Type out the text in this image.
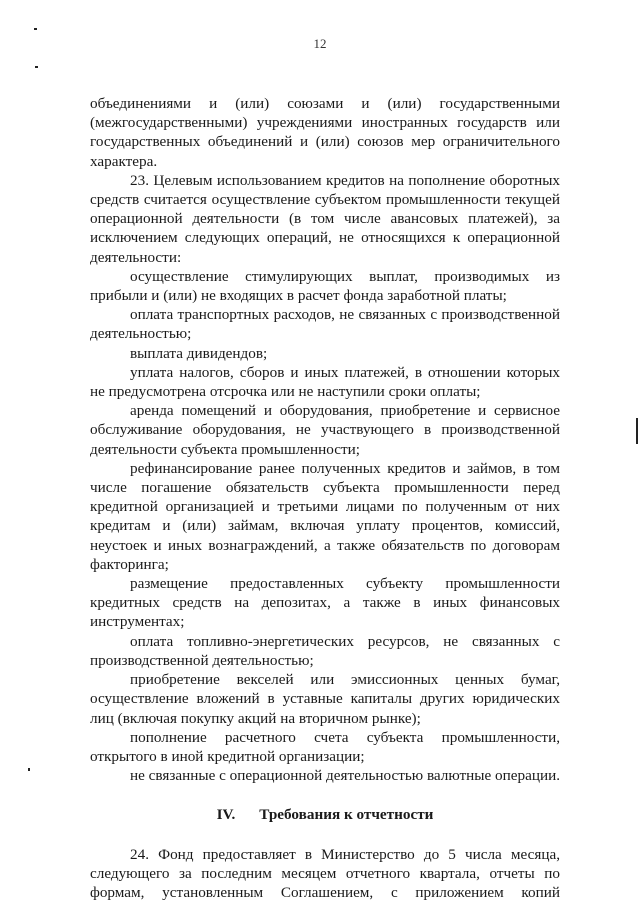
12

объединениями и (или) союзами и (или) государственными (межгосударственными) учреждениями иностранных государств или государственных объединений и (или) союзов мер ограничительного характера.

23. Целевым использованием кредитов на пополнение оборотных средств считается осуществление субъектом промышленности текущей операционной деятельности (в том числе авансовых платежей), за исключением следующих операций, не относящихся к операционной деятельности:

осуществление стимулирующих выплат, производимых из прибыли и (или) не входящих в расчет фонда заработной платы;

оплата транспортных расходов, не связанных с производственной деятельностью;

выплата дивидендов;

уплата налогов, сборов и иных платежей, в отношении которых не предусмотрена отсрочка или не наступили сроки оплаты;

аренда помещений и оборудования, приобретение и сервисное обслуживание оборудования, не участвующего в производственной деятельности субъекта промышленности;

рефинансирование ранее полученных кредитов и займов, в том числе погашение обязательств субъекта промышленности перед кредитной организацией и третьими лицами по полученным от них кредитам и (или) займам, включая уплату процентов, комиссий, неустоек и иных вознаграждений, а также обязательств по договорам факторинга;

размещение предоставленных субъекту промышленности кредитных средств на депозитах, а также в иных финансовых инструментах;

оплата топливно-энергетических ресурсов, не связанных с производственной деятельностью;

приобретение векселей или эмиссионных ценных бумаг, осуществление вложений в уставные капиталы других юридических лиц (включая покупку акций на вторичном рынке);

пополнение расчетного счета субъекта промышленности, открытого в иной кредитной организации;

не связанные с операционной деятельностью валютные операции.

IV. Требования к отчетности

24. Фонд предоставляет в Министерство до 5 числа месяца, следующего за последним месяцем отчетного квартала, отчеты по формам, установленным Соглашением, с приложением копий
